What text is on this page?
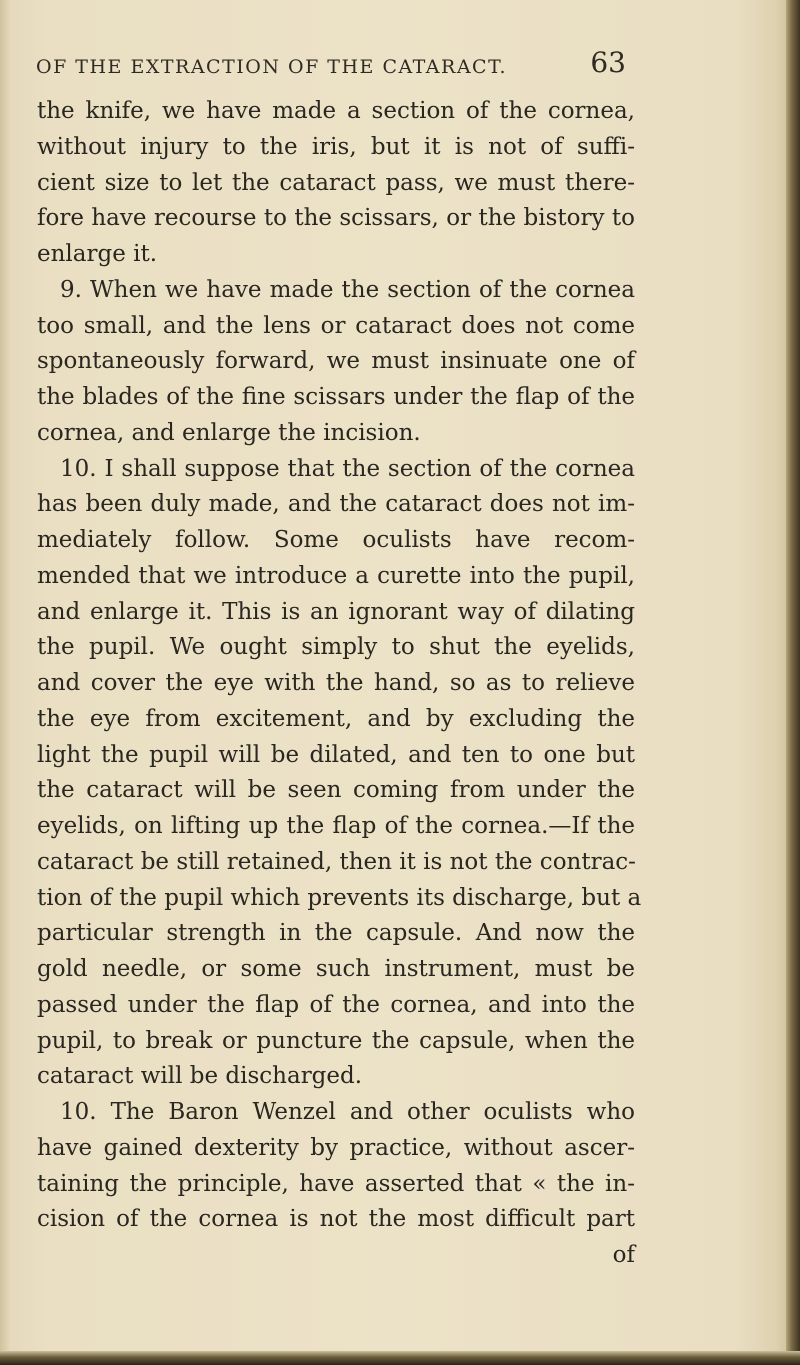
OF THE EXTRACTION OF THE CATARACT.	63
the knife, we have made a section of the cornea,
without injury to the iris, but it is not of suffi-
cient size to let the cataract pass, we must there-
fore have recourse to the scissars, or the bistory to
enlarge it.
9. When we have made the section of the cornea
too small, and the lens or cataract does not come
spontaneously forward, we must insinuate one of
the blades of the fine scissars under the flap of the
cornea, and enlarge the incision.
10. I shall suppose that the section of the cornea
has been duly made, and the cataract does not im-
mediately follow. Some oculists have recom-
mended that we introduce a curette into the pupil,
and enlarge it. This is an ignorant way of dilating
the pupil. We ought simply to shut the eyelids,
and cover the eye with the hand, so as to relieve
the eye from excitement, and by excluding the
light the pupil will be dilated, and ten to one but
the cataract will be seen coming from under the
eyelids, on lifting up the flap of the cornea.—If the
cataract be still retained, then it is not the contrac-
tion of the pupil which prevents its discharge, but a
particular strength in the capsule. And now the
gold needle, or some such instrument, must be
passed under the flap of the cornea, and into the
pupil, to break or puncture the capsule, when the
cataract will be discharged.
10. The Baron Wenzel and other oculists who
have gained dexterity by practice, without ascer-
taining the principle, have asserted that « the in-
cision of the cornea is not the most difficult part
of
